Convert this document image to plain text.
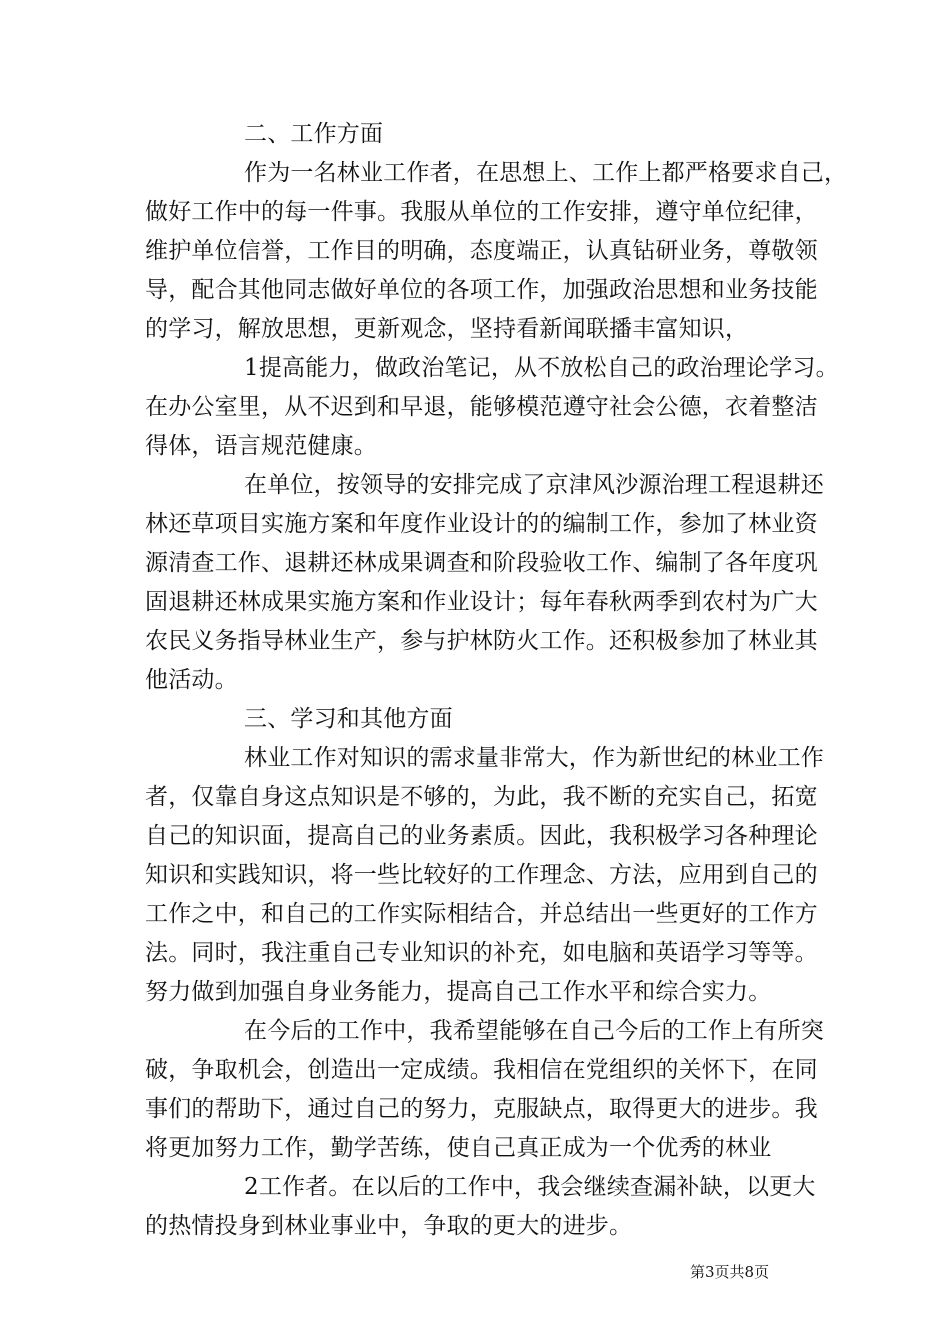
二、工作方面
作为一名林业工作者，在思想上、工作上都严格要求自己，
做好工作中的每一件事。我服从单位的工作安排，遵守单位纪律，
维护单位信誉，工作目的明确，态度端正，认真钻研业务，尊敬领
导，配合其他同志做好单位的各项工作，加强政治思想和业务技能
的学习，解放思想，更新观念，坚持看新闻联播丰富知识，
1提高能力，做政治笔记，从不放松自己的政治理论学习。
在办公室里，从不迟到和早退，能够模范遵守社会公德，衣着整洁
得体，语言规范健康。
在单位，按领导的安排完成了京津风沙源治理工程退耕还
林还草项目实施方案和年度作业设计的的编制工作，参加了林业资
源清查工作、退耕还林成果调查和阶段验收工作、编制了各年度巩
固退耕还林成果实施方案和作业设计；每年春秋两季到农村为广大
农民义务指导林业生产，参与护林防火工作。还积极参加了林业其
他活动。
三、学习和其他方面
林业工作对知识的需求量非常大，作为新世纪的林业工作
者，仅靠自身这点知识是不够的，为此，我不断的充实自己，拓宽
自己的知识面，提高自己的业务素质。因此，我积极学习各种理论
知识和实践知识，将一些比较好的工作理念、方法，应用到自己的
工作之中，和自己的工作实际相结合，并总结出一些更好的工作方
法。同时，我注重自己专业知识的补充，如电脑和英语学习等等。
努力做到加强自身业务能力，提高自己工作水平和综合实力。
在今后的工作中，我希望能够在自己今后的工作上有所突
破，争取机会，创造出一定成绩。我相信在党组织的关怀下，在同
事们的帮助下，通过自己的努力，克服缺点，取得更大的进步。我
将更加努力工作，勤学苦练，使自己真正成为一个优秀的林业
2工作者。在以后的工作中，我会继续查漏补缺，以更大
的热情投身到林业事业中，争取的更大的进步。
第3页共8页
